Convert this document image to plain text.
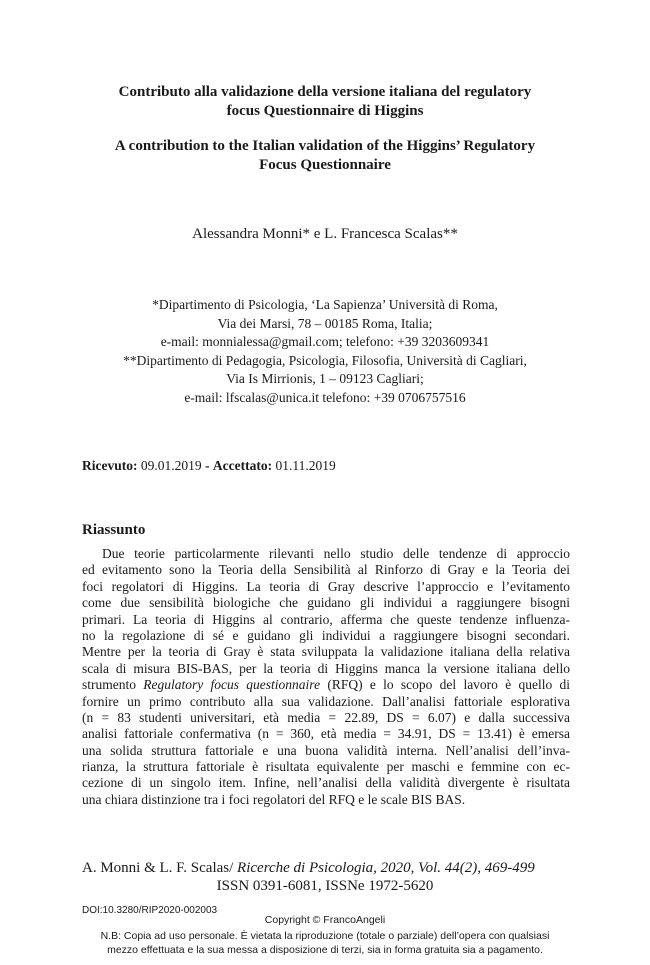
Contributo alla validazione della versione italiana del regulatory
focus Questionnaire di Higgins
A contribution to the Italian validation of the Higgins’ Regulatory
Focus Questionnaire
Alessandra Monni* e L. Francesca Scalas**
*Dipartimento di Psicologia, ‘La Sapienza’ Università di Roma,
Via dei Marsi, 78 – 00185 Roma, Italia;
e-mail: monnialessa@gmail.com; telefono: +39 3203609341
**Dipartimento di Pedagogia, Psicologia, Filosofia, Università di Cagliari,
Via Is Mirrionis, 1 – 09123 Cagliari;
e-mail: lfscalas@unica.it telefono: +39 0706757516
Ricevuto: 09.01.2019 - Accettato: 01.11.2019
Riassunto
Due teorie particolarmente rilevanti nello studio delle tendenze di approccio
ed evitamento sono la Teoria della Sensibilità al Rinforzo di Gray e la Teoria dei
foci regolatori di Higgins. La teoria di Gray descrive l’approccio e l’evitamento
come due sensibilità biologiche che guidano gli individui a raggiungere bisogni
primari. La teoria di Higgins al contrario, afferma che queste tendenze influenza-
no la regolazione di sé e guidano gli individui a raggiungere bisogni secondari.
Mentre per la teoria di Gray è stata sviluppata la validazione italiana della relativa
scala di misura BIS-BAS, per la teoria di Higgins manca la versione italiana dello
strumento Regulatory focus questionnaire (RFQ) e lo scopo del lavoro è quello di
fornire un primo contributo alla sua validazione. Dall’analisi fattoriale esplorativa
(n = 83 studenti universitari, età media = 22.89, DS = 6.07) e dalla successiva
analisi fattoriale confermativa (n = 360, età media = 34.91, DS = 13.41) è emersa
una solida struttura fattoriale e una buona validità interna. Nell’analisi dell’inva-
rianza, la struttura fattoriale è risultata equivalente per maschi e femmine con ec-
cezione di un singolo item. Infine, nell’analisi della validità divergente è risultata
una chiara distinzione tra i foci regolatori del RFQ e le scale BIS BAS.
A. Monni & L. F. Scalas/ Ricerche di Psicologia, 2020, Vol. 44(2), 469-499
ISSN 0391-6081, ISSNe 1972-5620
DOI:10.3280/RIP2020-002003
Copyright © FrancoAngeli
N.B: Copia ad uso personale. È vietata la riproduzione (totale o parziale) dell’opera con qualsiasi
mezzo effettuata e la sua messa a disposizione di terzi, sia in forma gratuita sia a pagamento.
